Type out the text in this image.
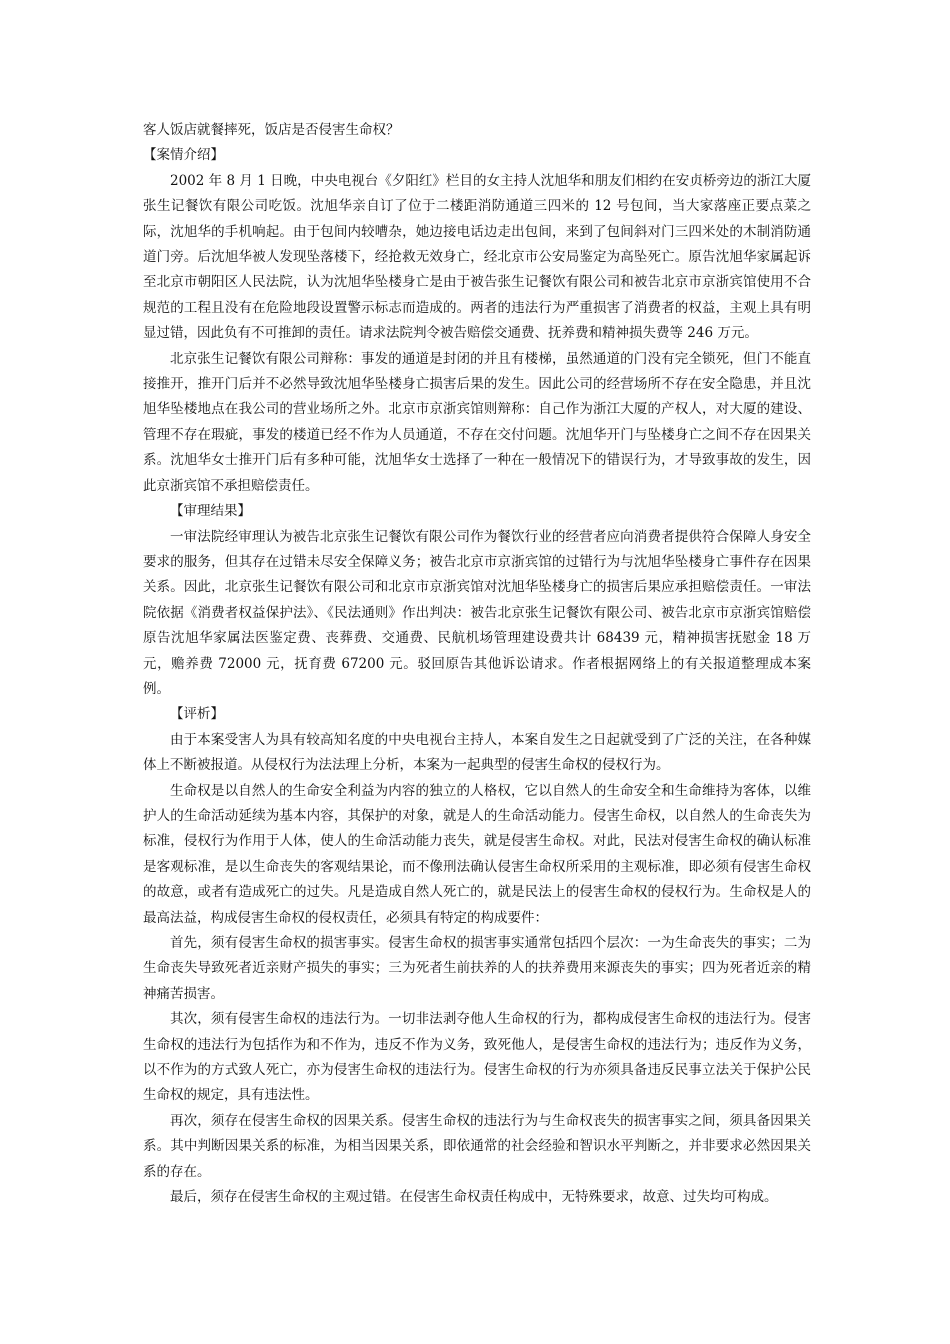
客人饭店就餐摔死，饭店是否侵害生命权？

【案情介绍】

2002 年 8 月 1 日晚，中央电视台《夕阳红》栏目的女主持人沈旭华和朋友们相约在安贞桥旁边的浙江大厦张生记餐饮有限公司吃饭。沈旭华亲自订了位于二楼距消防通道三四米的 12 号包间，当大家落座正要点菜之际，沈旭华的手机响起。由于包间内较嘈杂，她边接电话边走出包间，来到了包间斜对门三四米处的木制消防通道门旁。后沈旭华被人发现坠落楼下，经抢救无效身亡，经北京市公安局鉴定为高坠死亡。原告沈旭华家属起诉至北京市朝阳区人民法院，认为沈旭华坠楼身亡是由于被告张生记餐饮有限公司和被告北京市京浙宾馆使用不合规范的工程且没有在危险地段设置警示标志而造成的。两者的违法行为严重损害了消费者的权益，主观上具有明显过错，因此负有不可推卸的责任。请求法院判令被告赔偿交通费、抚养费和精神损失费等 246 万元。

北京张生记餐饮有限公司辩称：事发的通道是封闭的并且有楼梯，虽然通道的门没有完全锁死，但门不能直接推开，推开门后并不必然导致沈旭华坠楼身亡损害后果的发生。因此公司的经营场所不存在安全隐患，并且沈旭华坠楼地点在我公司的营业场所之外。北京市京浙宾馆则辩称：自己作为浙江大厦的产权人，对大厦的建设、管理不存在瑕疵，事发的楼道已经不作为人员通道，不存在交付问题。沈旭华开门与坠楼身亡之间不存在因果关系。沈旭华女士推开门后有多种可能，沈旭华女士选择了一种在一般情况下的错误行为，才导致事故的发生，因此京浙宾馆不承担赔偿责任。

【审理结果】

一审法院经审理认为被告北京张生记餐饮有限公司作为餐饮行业的经营者应向消费者提供符合保障人身安全要求的服务，但其存在过错未尽安全保障义务；被告北京市京浙宾馆的过错行为与沈旭华坠楼身亡事件存在因果关系。因此，北京张生记餐饮有限公司和北京市京浙宾馆对沈旭华坠楼身亡的损害后果应承担赔偿责任。一审法院依据《消费者权益保护法》、《民法通则》作出判决：被告北京张生记餐饮有限公司、被告北京市京浙宾馆赔偿原告沈旭华家属法医鉴定费、丧葬费、交通费、民航机场管理建设费共计 68439 元，精神损害抚慰金 18 万元，赡养费 72000 元，抚育费 67200 元。驳回原告其他诉讼请求。作者根据网络上的有关报道整理成本案例。

【评析】

由于本案受害人为具有较高知名度的中央电视台主持人，本案自发生之日起就受到了广泛的关注，在各种媒体上不断被报道。从侵权行为法法理上分析，本案为一起典型的侵害生命权的侵权行为。

生命权是以自然人的生命安全利益为内容的独立的人格权，它以自然人的生命安全和生命维持为客体，以维护人的生命活动延续为基本内容，其保护的对象，就是人的生命活动能力。侵害生命权，以自然人的生命丧失为标准，侵权行为作用于人体，使人的生命活动能力丧失，就是侵害生命权。对此，民法对侵害生命权的确认标准是客观标准，是以生命丧失的客观结果论，而不像刑法确认侵害生命权所采用的主观标准，即必须有侵害生命权的故意，或者有造成死亡的过失。凡是造成自然人死亡的，就是民法上的侵害生命权的侵权行为。生命权是人的最高法益，构成侵害生命权的侵权责任，必须具有特定的构成要件：

首先，须有侵害生命权的损害事实。侵害生命权的损害事实通常包括四个层次：一为生命丧失的事实；二为生命丧失导致死者近亲财产损失的事实；三为死者生前扶养的人的扶养费用来源丧失的事实；四为死者近亲的精神痛苦损害。

其次，须有侵害生命权的违法行为。一切非法剥夺他人生命权的行为，都构成侵害生命权的违法行为。侵害生命权的违法行为包括作为和不作为，违反不作为义务，致死他人，是侵害生命权的违法行为；违反作为义务，以不作为的方式致人死亡，亦为侵害生命权的违法行为。侵害生命权的行为亦须具备违反民事立法关于保护公民生命权的规定，具有违法性。

再次，须存在侵害生命权的因果关系。侵害生命权的违法行为与生命权丧失的损害事实之间，须具备因果关系。其中判断因果关系的标准，为相当因果关系，即依通常的社会经验和智识水平判断之，并非要求必然因果关系的存在。

最后，须存在侵害生命权的主观过错。在侵害生命权责任构成中，无特殊要求，故意、过失均可构成。
